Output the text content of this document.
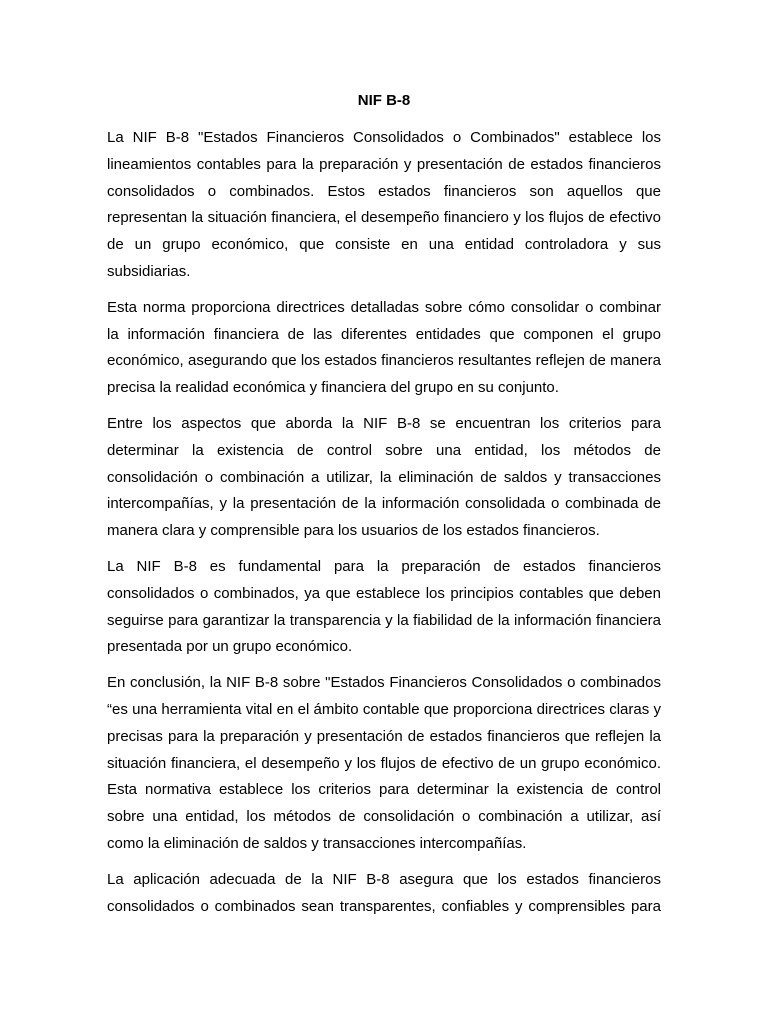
NIF B-8

La NIF B-8 "Estados Financieros Consolidados o Combinados" establece los lineamientos contables para la preparación y presentación de estados financieros consolidados o combinados. Estos estados financieros son aquellos que representan la situación financiera, el desempeño financiero y los flujos de efectivo de un grupo económico, que consiste en una entidad controladora y sus subsidiarias.

Esta norma proporciona directrices detalladas sobre cómo consolidar o combinar la información financiera de las diferentes entidades que componen el grupo económico, asegurando que los estados financieros resultantes reflejen de manera precisa la realidad económica y financiera del grupo en su conjunto.

Entre los aspectos que aborda la NIF B-8 se encuentran los criterios para determinar la existencia de control sobre una entidad, los métodos de consolidación o combinación a utilizar, la eliminación de saldos y transacciones intercompañías, y la presentación de la información consolidada o combinada de manera clara y comprensible para los usuarios de los estados financieros.

La NIF B-8 es fundamental para la preparación de estados financieros consolidados o combinados, ya que establece los principios contables que deben seguirse para garantizar la transparencia y la fiabilidad de la información financiera presentada por un grupo económico.

En conclusión, la NIF B-8 sobre "Estados Financieros Consolidados o combinados “es una herramienta vital en el ámbito contable que proporciona directrices claras y precisas para la preparación y presentación de estados financieros que reflejen la situación financiera, el desempeño y los flujos de efectivo de un grupo económico. Esta normativa establece los criterios para determinar la existencia de control sobre una entidad, los métodos de consolidación o combinación a utilizar, así como la eliminación de saldos y transacciones intercompañías.

La aplicación adecuada de la NIF B-8 asegura que los estados financieros consolidados o combinados sean transparentes, confiables y comprensibles para
